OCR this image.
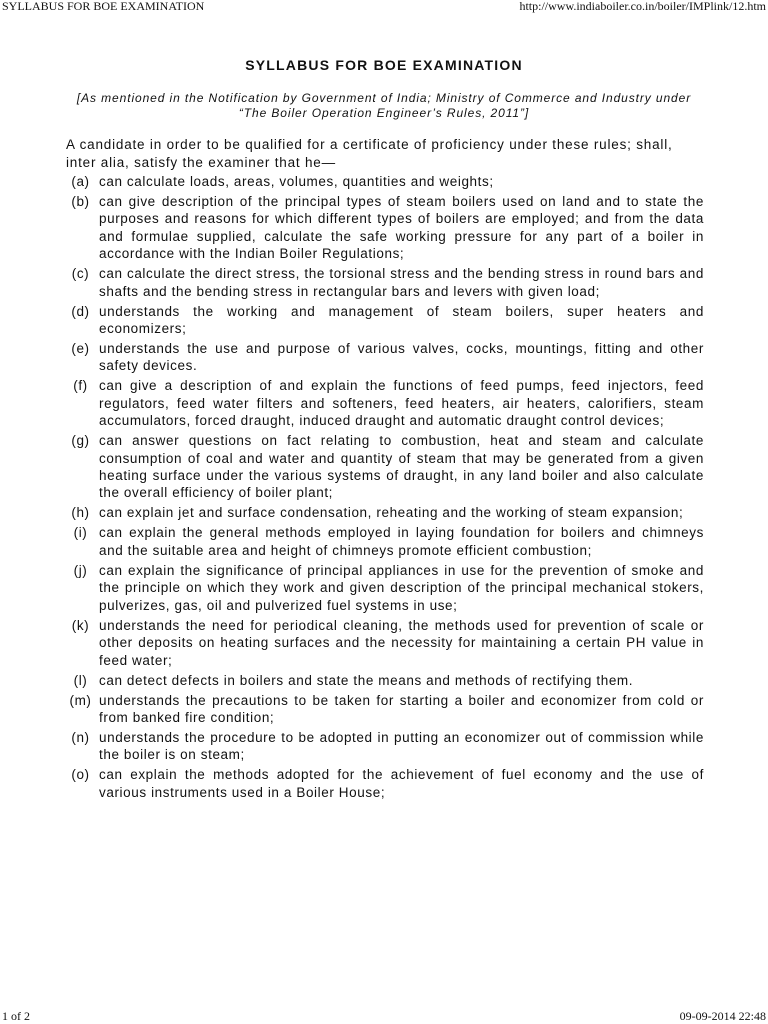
SYLLABUS FOR BOE EXAMINATION	http://www.indiaboiler.co.in/boiler/IMPlink/12.htm
SYLLABUS FOR BOE EXAMINATION
[As mentioned in the Notification by Government of India; Ministry of Commerce and Industry under
“The Boiler Operation Engineer’s Rules, 2011”]
A candidate in order to be qualified for a certificate of proficiency under these rules; shall, inter alia, satisfy the examiner that he—
(a) can calculate loads, areas, volumes, quantities and weights;
(b) can give description of the principal types of steam boilers used on land and to state the purposes and reasons for which different types of boilers are employed; and from the data and formulae supplied, calculate the safe working pressure for any part of a boiler in accordance with the Indian Boiler Regulations;
(c) can calculate the direct stress, the torsional stress and the bending stress in round bars and shafts and the bending stress in rectangular bars and levers with given load;
(d) understands the working and management of steam boilers, super heaters and economizers;
(e) understands the use and purpose of various valves, cocks, mountings, fitting and other safety devices.
(f) can give a description of and explain the functions of feed pumps, feed injectors, feed regulators, feed water filters and softeners, feed heaters, air heaters, calorifiers, steam accumulators, forced draught, induced draught and automatic draught control devices;
(g) can answer questions on fact relating to combustion, heat and steam and calculate consumption of coal and water and quantity of steam that may be generated from a given heating surface under the various systems of draught, in any land boiler and also calculate the overall efficiency of boiler plant;
(h) can explain jet and surface condensation, reheating and the working of steam expansion;
(i) can explain the general methods employed in laying foundation for boilers and chimneys and the suitable area and height of chimneys promote efficient combustion;
(j) can explain the significance of principal appliances in use for the prevention of smoke and the principle on which they work and given description of the principal mechanical stokers, pulverizes, gas, oil and pulverized fuel systems in use;
(k) understands the need for periodical cleaning, the methods used for prevention of scale or other deposits on heating surfaces and the necessity for maintaining a certain PH value in feed water;
(l) can detect defects in boilers and state the means and methods of rectifying them.
(m) understands the precautions to be taken for starting a boiler and economizer from cold or from banked fire condition;
(n) understands the procedure to be adopted in putting an economizer out of commission while the boiler is on steam;
(o) can explain the methods adopted for the achievement of fuel economy and the use of various instruments used in a Boiler House;
1 of 2	09-09-2014 22:48
